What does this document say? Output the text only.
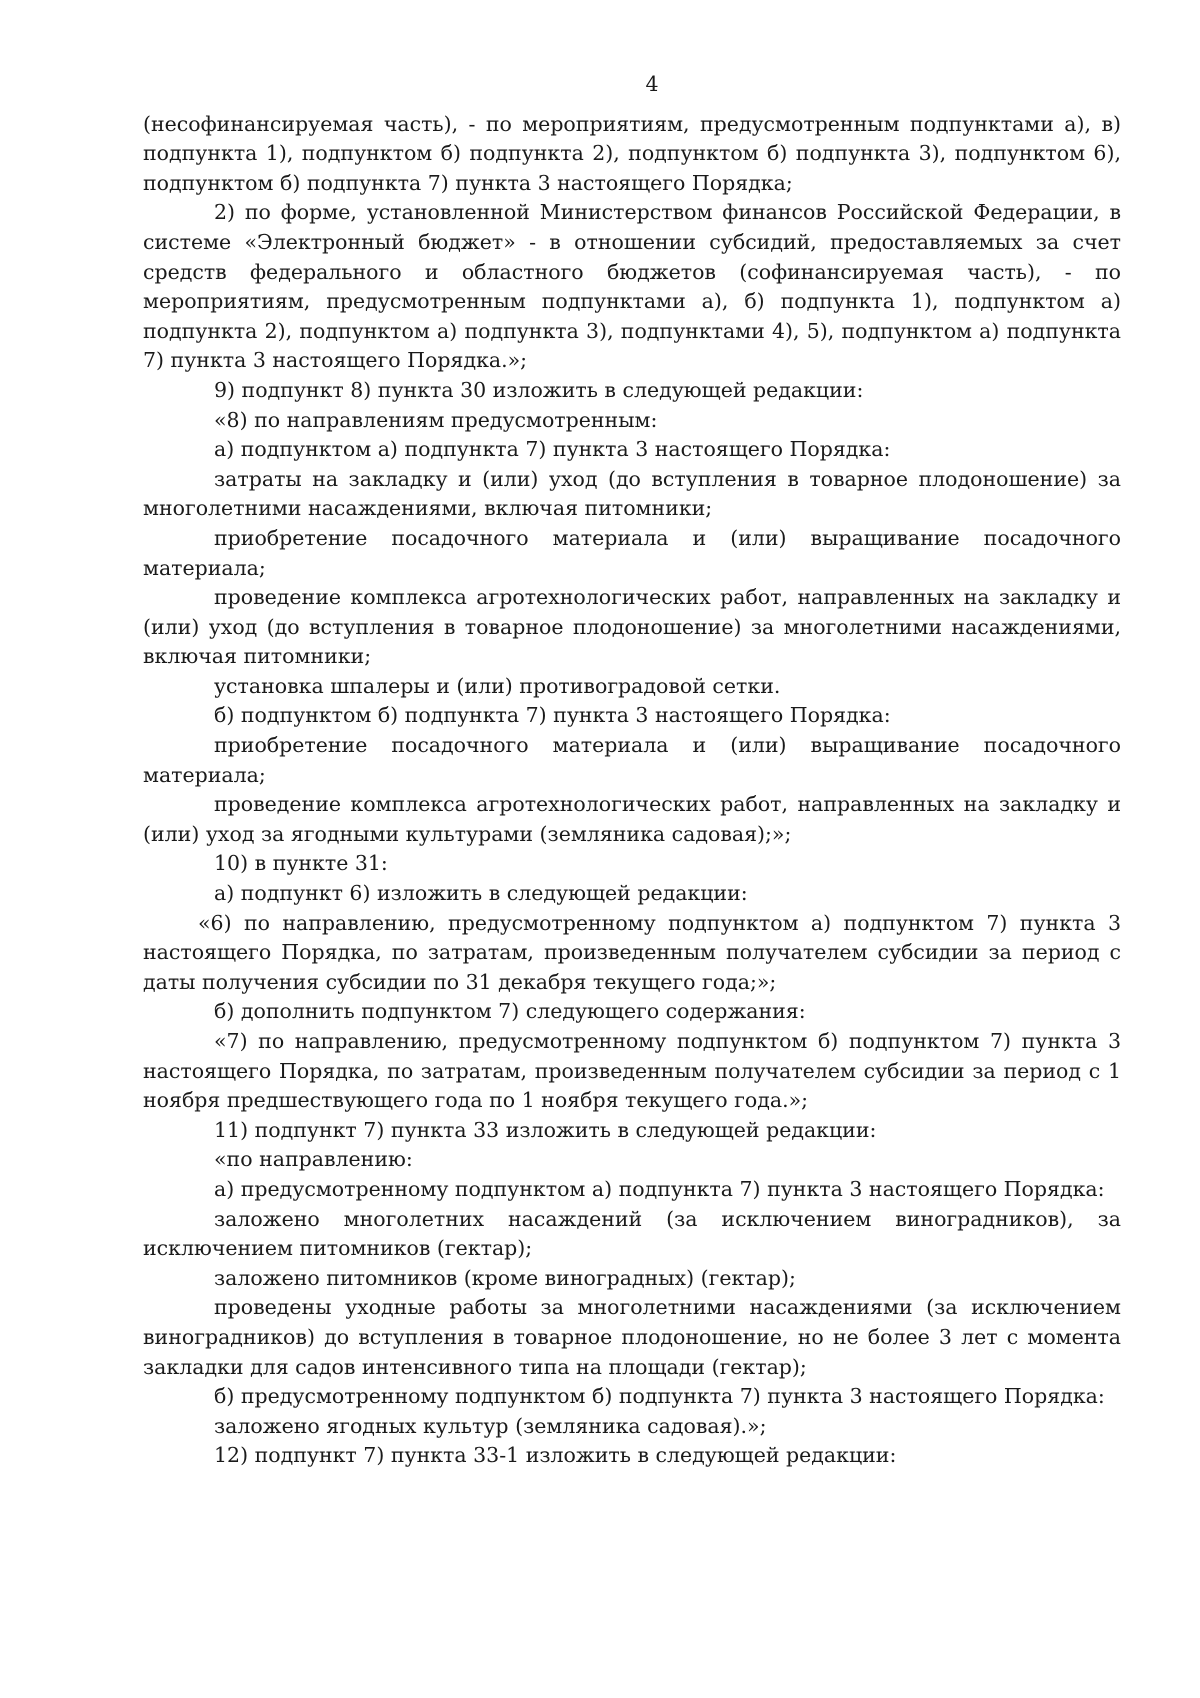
4

(несофинансируемая часть), - по мероприятиям, предусмотренным подпунктами а), в) подпункта 1), подпунктом б) подпункта 2), подпунктом б) подпункта 3), подпунктом 6), подпунктом б) подпункта 7) пункта 3 настоящего Порядка;

2) по форме, установленной Министерством финансов Российской Федерации, в системе «Электронный бюджет» - в отношении субсидий, предоставляемых за счет средств федерального и областного бюджетов (софинансируемая часть), - по мероприятиям, предусмотренным подпунктами а), б) подпункта 1), подпунктом а) подпункта 2), подпунктом а) подпункта 3), подпунктами 4), 5), подпунктом а) подпункта 7) пункта 3 настоящего Порядка.»;

9) подпункт 8) пункта 30 изложить в следующей редакции:

«8) по направлениям предусмотренным:

а) подпунктом а) подпункта 7) пункта 3 настоящего Порядка:

затраты на закладку и (или) уход (до вступления в товарное плодоношение) за многолетними насаждениями, включая питомники;

приобретение посадочного материала и (или) выращивание посадочного материала;

проведение комплекса агротехнологических работ, направленных на закладку и (или) уход (до вступления в товарное плодоношение) за многолетними насаждениями, включая питомники;

установка шпалеры и (или) противоградовой сетки.

б) подпунктом б) подпункта 7) пункта 3 настоящего Порядка:

приобретение посадочного материала и (или) выращивание посадочного материала;

проведение комплекса агротехнологических работ, направленных на закладку и (или) уход за ягодными культурами (земляника садовая);»;

10) в пункте 31:

а) подпункт 6) изложить в следующей редакции:

«6) по направлению, предусмотренному подпунктом а) подпунктом 7) пункта 3 настоящего Порядка, по затратам, произведенным получателем субсидии за период с даты получения субсидии по 31 декабря текущего года;»;

б) дополнить подпунктом 7) следующего содержания:

«7) по направлению, предусмотренному подпунктом б) подпунктом 7) пункта 3 настоящего Порядка, по затратам, произведенным получателем субсидии за период с 1 ноября предшествующего года по 1 ноября текущего года.»;

11) подпункт 7) пункта 33 изложить в следующей редакции:

«по направлению:

а) предусмотренному подпунктом а) подпункта 7) пункта 3 настоящего Порядка:

заложено многолетних насаждений (за исключением виноградников), за исключением питомников (гектар);

заложено питомников (кроме виноградных) (гектар);

проведены уходные работы за многолетними насаждениями (за исключением виноградников) до вступления в товарное плодоношение, но не более 3 лет с момента закладки для садов интенсивного типа на площади (гектар);

б) предусмотренному подпунктом б) подпункта 7) пункта 3 настоящего Порядка:

заложено ягодных культур (земляника садовая).»;

12) подпункт 7) пункта 33-1 изложить в следующей редакции:
